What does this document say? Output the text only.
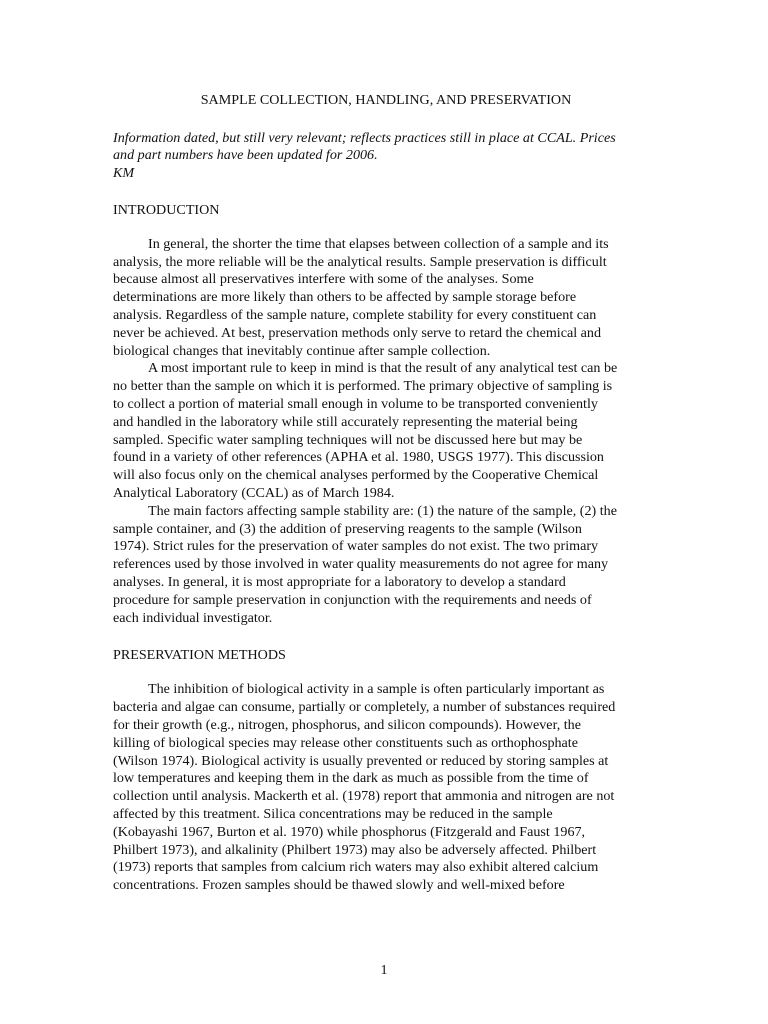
SAMPLE COLLECTION, HANDLING, AND PRESERVATION

Information dated, but still very relevant; reflects practices still in place at CCAL. Prices
and part numbers have been updated for 2006.
KM

INTRODUCTION

In general, the shorter the time that elapses between collection of a sample and its
analysis, the more reliable will be the analytical results. Sample preservation is difficult
because almost all preservatives interfere with some of the analyses. Some
determinations are more likely than others to be affected by sample storage before
analysis. Regardless of the sample nature, complete stability for every constituent can
never be achieved. At best, preservation methods only serve to retard the chemical and
biological changes that inevitably continue after sample collection.

A most important rule to keep in mind is that the result of any analytical test can be
no better than the sample on which it is performed. The primary objective of sampling is
to collect a portion of material small enough in volume to be transported conveniently
and handled in the laboratory while still accurately representing the material being
sampled. Specific water sampling techniques will not be discussed here but may be
found in a variety of other references (APHA et al. 1980, USGS 1977). This discussion
will also focus only on the chemical analyses performed by the Cooperative Chemical
Analytical Laboratory (CCAL) as of March 1984.

The main factors affecting sample stability are: (1) the nature of the sample, (2) the
sample container, and (3) the addition of preserving reagents to the sample (Wilson
1974). Strict rules for the preservation of water samples do not exist. The two primary
references used by those involved in water quality measurements do not agree for many
analyses. In general, it is most appropriate for a laboratory to develop a standard
procedure for sample preservation in conjunction with the requirements and needs of
each individual investigator.

PRESERVATION METHODS

The inhibition of biological activity in a sample is often particularly important as
bacteria and algae can consume, partially or completely, a number of substances required
for their growth (e.g., nitrogen, phosphorus, and silicon compounds). However, the
killing of biological species may release other constituents such as orthophosphate
(Wilson 1974). Biological activity is usually prevented or reduced by storing samples at
low temperatures and keeping them in the dark as much as possible from the time of
collection until analysis. Mackerth et al. (1978) report that ammonia and nitrogen are not
affected by this treatment. Silica concentrations may be reduced in the sample
(Kobayashi 1967, Burton et al. 1970) while phosphorus (Fitzgerald and Faust 1967,
Philbert 1973), and alkalinity (Philbert 1973) may also be adversely affected. Philbert
(1973) reports that samples from calcium rich waters may also exhibit altered calcium
concentrations. Frozen samples should be thawed slowly and well-mixed before

1
